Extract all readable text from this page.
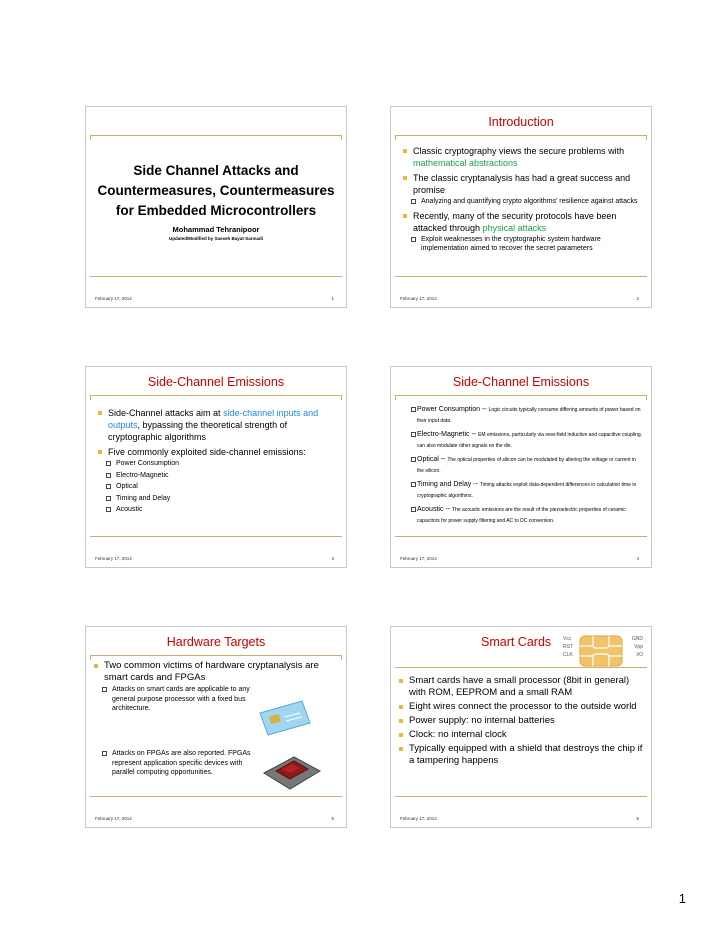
Side Channel Attacks and
Countermeasures, Countermeasures
for Embedded Microcontrollers
Mohammad Tehranipoor
Updated/Modified by Sasseh Bayat-Sarmadi
February 17, 2014	1
Introduction
Classic cryptography views the secure problems with mathematical abstractions
The classic cryptanalysis has had a great success and promise
Analyzing and quantifying crypto algorithms' resilience against attacks
Recently, many of the security protocols have been attacked through physical attacks
Exploit weaknesses in the cryptographic system hardware implementation aimed to recover the secret parameters
February 17, 2014	2
Side-Channel Emissions
Side-Channel attacks aim at side-channel inputs and outputs, bypassing the theoretical strength of cryptographic algorithms
Five commonly exploited side-channel emissions:
Power Consumption
Electro-Magnetic
Optical
Timing and Delay
Acoustic
February 17, 2014	3
Side-Channel Emissions
Power Consumption -- Logic circuits typically consume differing amounts of power based on their input data.
Electro-Magnetic -- EM emissions, particularly via near-field inductive and capacitive coupling, can also modulate other signals on the die.
Optical -- The optical properties of silicon can be modulated by altering the voltage or current in the silicon.
Timing and Delay -- Timing attacks exploit data-dependent differences in calculation time in cryptographic algorithms.
Acoustic -- The acoustic emissions are the result of the piezoelectric properties of ceramic capacitors for power supply filtering and AC to DC conversion.
February 17, 2014	4
Hardware Targets
Two common victims of hardware cryptanalysis are smart cards and FPGAs
Attacks on smart cards are applicable to any general purpose processor with a fixed bus architecture.
Attacks on FPGAs are also reported. FPGAs represent application specific devices with parallel computing opportunities.
February 17, 2014	5
Smart Cards Vcc
RST
CLK
GND
Vpp
I/O
Smart cards have a small processor (8bit in general) with ROM, EEPROM and a small RAM
Eight wires connect the processor to the outside world
Power supply: no internal batteries
Clock: no internal clock
Typically equipped with a shield that destroys the chip if a tampering happens
February 17, 2014	6
1
